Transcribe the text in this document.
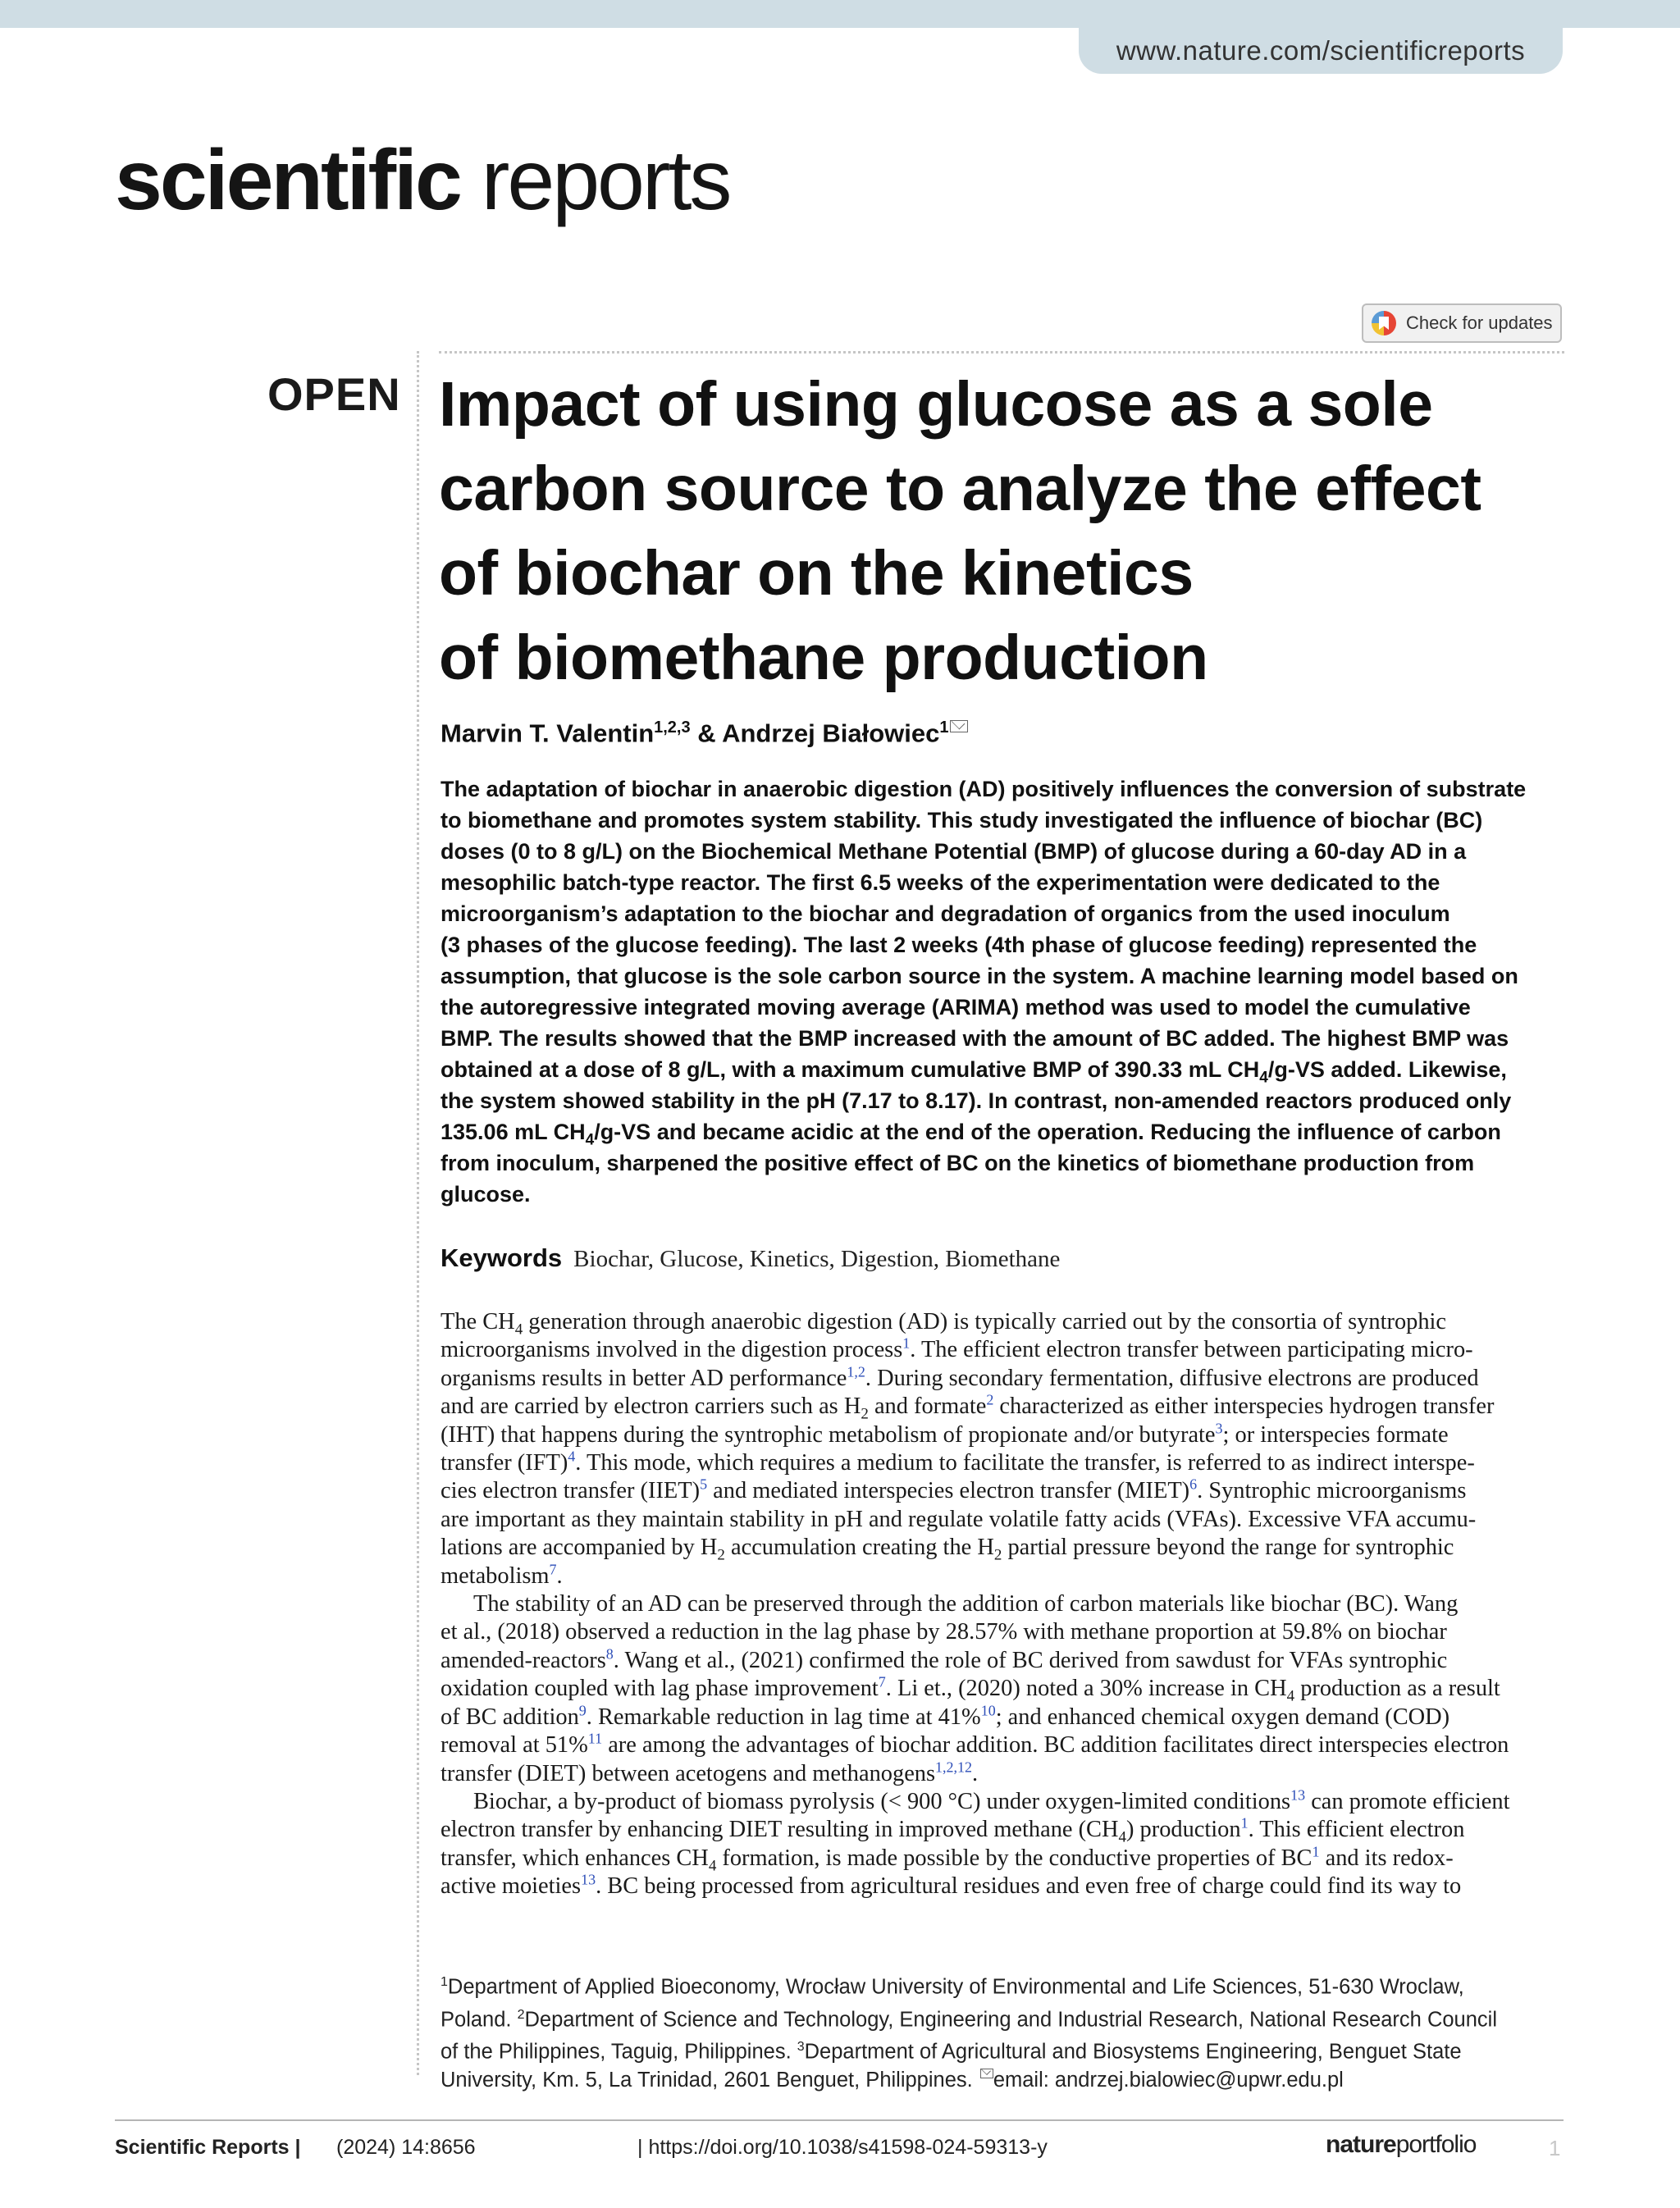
www.nature.com/scientificreports
scientific reports
Check for updates
OPEN Impact of using glucose as a sole
carbon source to analyze the effect
of biochar on the kinetics
of biomethane production
Marvin T. Valentin$^{1,2,3}$ & Andrzej Białowiec$^1$
The adaptation of biochar in anaerobic digestion (AD) positively influences the conversion of substrate
to biomethane and promotes system stability. This study investigated the influence of biochar (BC)
doses (0 to 8 g/L) on the Biochemical Methane Potential (BMP) of glucose during a 60-day AD in a
mesophilic batch-type reactor. The first 6.5 weeks of the experimentation were dedicated to the
microorganism’s adaptation to the biochar and degradation of organics from the used inoculum
(3 phases of the glucose feeding). The last 2 weeks (4th phase of glucose feeding) represented the
assumption, that glucose is the sole carbon source in the system. A machine learning model based on
the autoregressive integrated moving average (ARIMA) method was used to model the cumulative
BMP. The results showed that the BMP increased with the amount of BC added. The highest BMP was
obtained at a dose of 8 g/L, with a maximum cumulative BMP of 390.33 mL $CH_4/g-VS$ added. Likewise,
the system showed stability in the pH (7.17 to 8.17). In contrast, non-amended reactors produced only
135.06 mL $CH_4/g-VS$ and became acidic at the end of the operation. Reducing the influence of carbon
from inoculum, sharpened the positive effect of BC on the kinetics of biomethane production from
glucose.
Keywords Biochar, Glucose, Kinetics, Digestion, Biomethane
The $CH_4$ generation through anaerobic digestion (AD) is typically carried out by the consortia of syntrophic
microorganisms involved in the digestion process$^1$. The efficient electron transfer between participating micro-
organisms results in better AD performance$^{1,2}$. During secondary fermentation, diffusive electrons are produced
and are carried by electron carriers such as $H_2$ and formate$^2$ characterized as either interspecies hydrogen transfer
(IHT) that happens during the syntrophic metabolism of propionate and/or butyrate$^3$; or interspecies formate
transfer (IFT)$^4$. This mode, which requires a medium to facilitate the transfer, is referred to as indirect interspe-
cies electron transfer (IIET)$^5$ and mediated interspecies electron transfer (MIET)$^6$. Syntrophic microorganisms
are important as they maintain stability in pH and regulate volatile fatty acids (VFAs). Excessive VFA accumu-
lations are accompanied by $H_2$ accumulation creating the $H_2$ partial pressure beyond the range for syntrophic
metabolism$^7$.
The stability of an AD can be preserved through the addition of carbon materials like biochar (BC). Wang
et al., (2018) observed a reduction in the lag phase by 28.57% with methane proportion at 59.8% on biochar
amended-reactors$^8$. Wang et al., (2021) confirmed the role of BC derived from sawdust for VFAs syntrophic
oxidation coupled with lag phase improvement$^7$. Li et., (2020) noted a 30% increase in $CH_4$ production as a result
of BC addition$^9$. Remarkable reduction in lag time at 41%$^{10}$; and enhanced chemical oxygen demand (COD)
removal at 51%$^{11}$ are among the advantages of biochar addition. BC addition facilitates direct interspecies electron
transfer (DIET) between acetogens and methanogens$^{1,2,12}$.
Biochar, a by-product of biomass pyrolysis (< 900 °C) under oxygen-limited conditions$^{13}$ can promote efficient
electron transfer by enhancing DIET resulting in improved methane $(CH_4)$ production$^1$. This efficient electron
transfer, which enhances $CH_4$ formation, is made possible by the conductive properties of BC$^1$ and its redox-
active moieties$^{13}$. BC being processed from agricultural residues and even free of charge could find its way to
$^1$Department of Applied Bioeconomy, Wrocław University of Environmental and Life Sciences, 51-630 Wroclaw,
Poland. $^2$Department of Science and Technology, Engineering and Industrial Research, National Research Council
of the Philippines, Taguig, Philippines. $^3$Department of Agricultural and Biosystems Engineering, Benguet State
University, Km. 5, La Trinidad, 2601 Benguet, Philippines. email: andrzej.bialowiec@upwr.edu.pl
Scientific Reports | (2024) 14:8656	| https://doi.org/10.1038/s41598-024-59313-y	natureportfolio	1
